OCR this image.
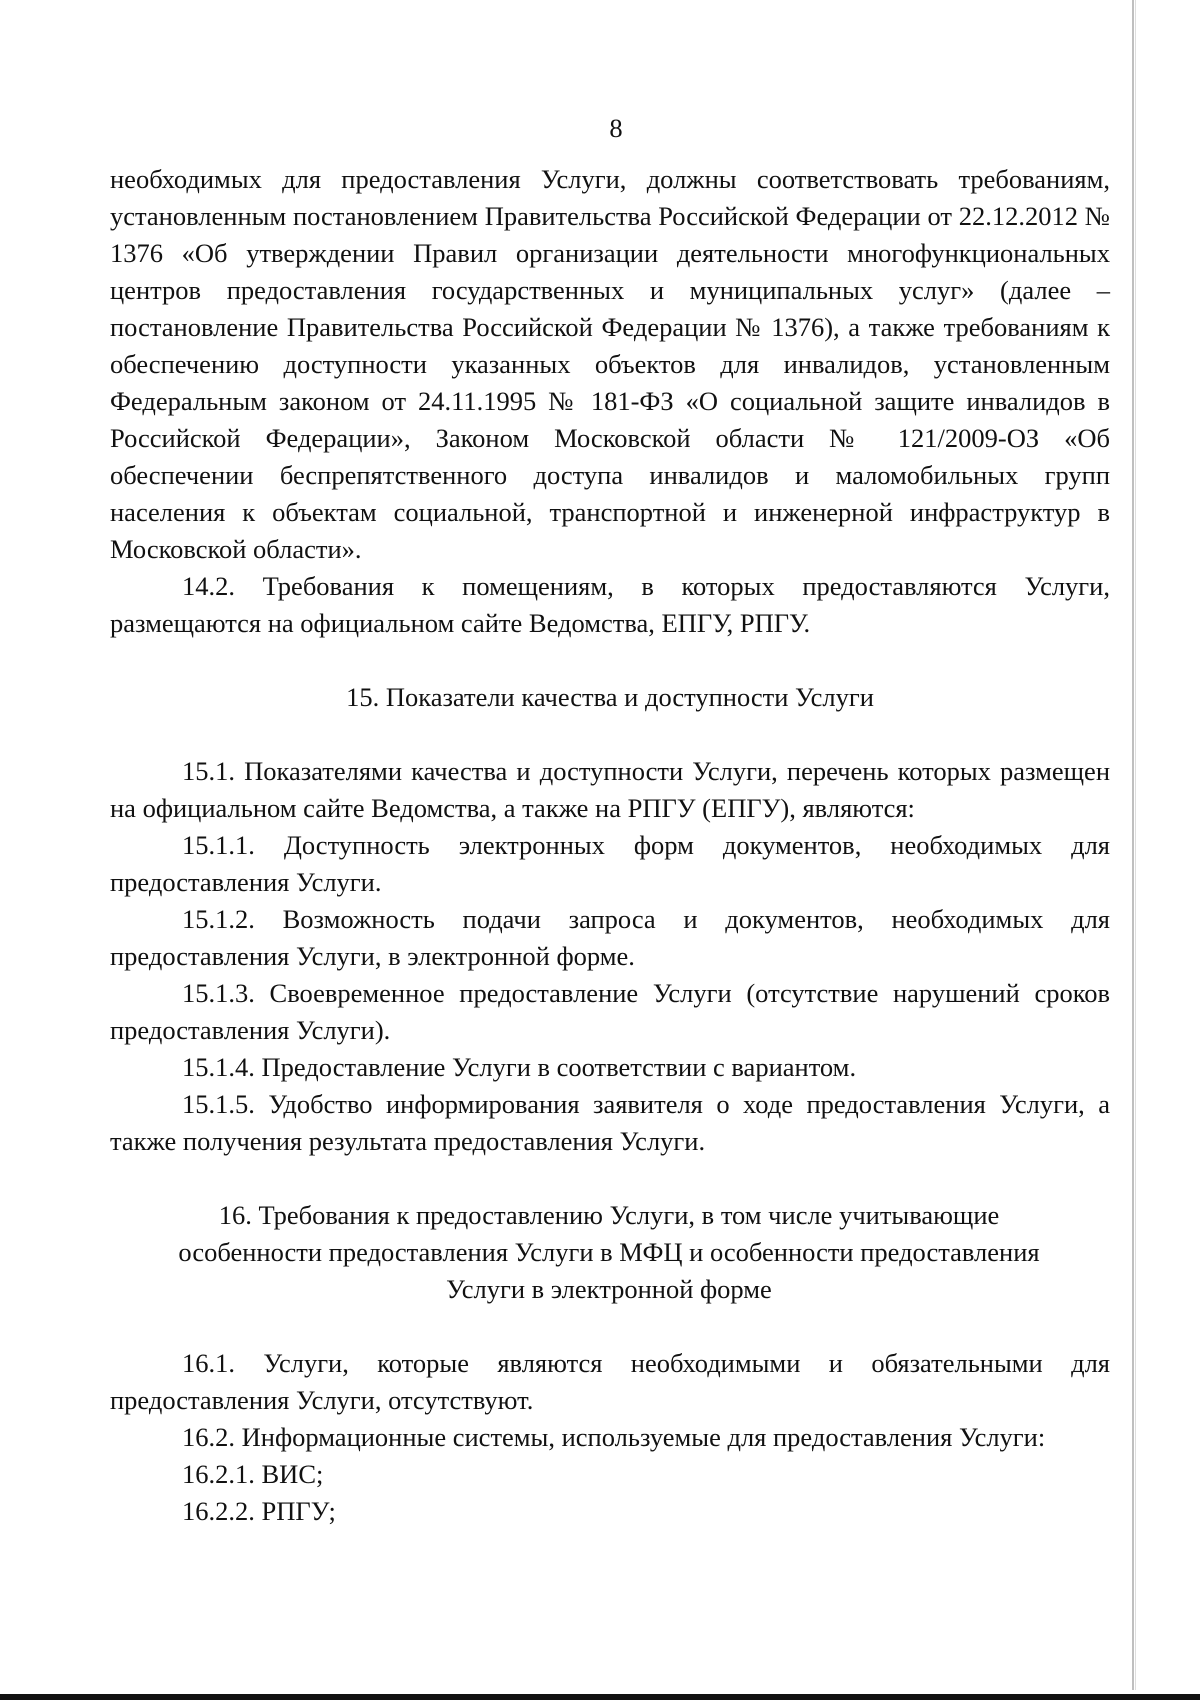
8

необходимых для предоставления Услуги, должны соответствовать требованиям, установленным постановлением Правительства Российской Федерации от 22.12.2012 № 1376 «Об утверждении Правил организации деятельности многофункциональных центров предоставления государственных и муниципальных услуг» (далее – постановление Правительства Российской Федерации № 1376), а также требованиям к обеспечению доступности указанных объектов для инвалидов, установленным Федеральным законом от 24.11.1995 № 181-ФЗ «О социальной защите инвалидов в Российской Федерации», Законом Московской области № 121/2009-ОЗ «Об обеспечении беспрепятственного доступа инвалидов и маломобильных групп населения к объектам социальной, транспортной и инженерной инфраструктур в Московской области».

14.2. Требования к помещениям, в которых предоставляются Услуги, размещаются на официальном сайте Ведомства, ЕПГУ, РПГУ.

15. Показатели качества и доступности Услуги

15.1. Показателями качества и доступности Услуги, перечень которых размещен на официальном сайте Ведомства, а также на РПГУ (ЕПГУ), являются:

15.1.1. Доступность электронных форм документов, необходимых для предоставления Услуги.

15.1.2. Возможность подачи запроса и документов, необходимых для предоставления Услуги, в электронной форме.

15.1.3. Своевременное предоставление Услуги (отсутствие нарушений сроков предоставления Услуги).

15.1.4. Предоставление Услуги в соответствии с вариантом.

15.1.5. Удобство информирования заявителя о ходе предоставления Услуги, а также получения результата предоставления Услуги.

16. Требования к предоставлению Услуги, в том числе учитывающие
особенности предоставления Услуги в МФЦ и особенности предоставления
Услуги в электронной форме

16.1. Услуги, которые являются необходимыми и обязательными для предоставления Услуги, отсутствуют.

16.2. Информационные системы, используемые для предоставления Услуги:

16.2.1. ВИС;

16.2.2. РПГУ;
